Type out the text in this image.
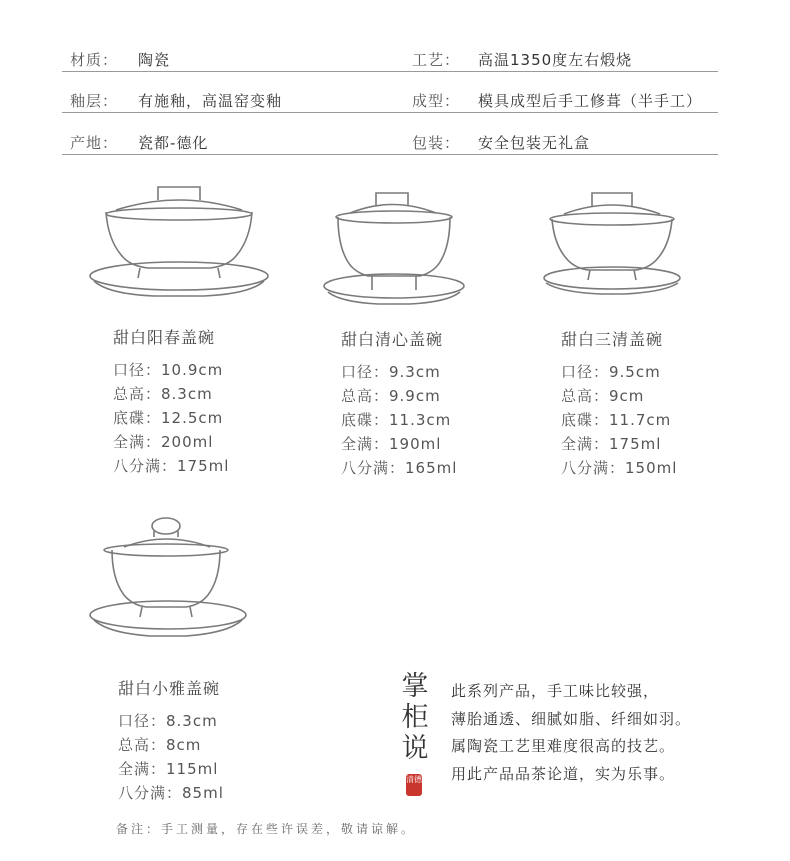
材质： 陶瓷	工艺： 高温1350度左右煅烧
釉层： 有施釉，高温窑变釉	成型： 模具成型后手工修葺（半手工）
产地： 瓷都-德化	包装： 安全包装无礼盒
甜白阳春盖碗
口径：10.9cm
总高：8.3cm
底碟：12.5cm
全满：200ml
八分满：175ml
甜白清心盖碗
口径：9.3cm
总高：9.9cm
底碟：11.3cm
全满：190ml
八分满：165ml
甜白三清盖碗
口径：9.5cm
总高：9cm
底碟：11.7cm
全满：175ml
八分满：150ml
甜白小雅盖碗
口径：8.3cm
总高：8cm
全满：115ml
八分满：85ml
掌
柜
说
清德
此系列产品，手工味比较强，
薄胎通透、细腻如脂、纤细如羽。
属陶瓷工艺里难度很高的技艺。
用此产品品茶论道，实为乐事。
备注：手工测量，存在些许误差，敬请谅解。
